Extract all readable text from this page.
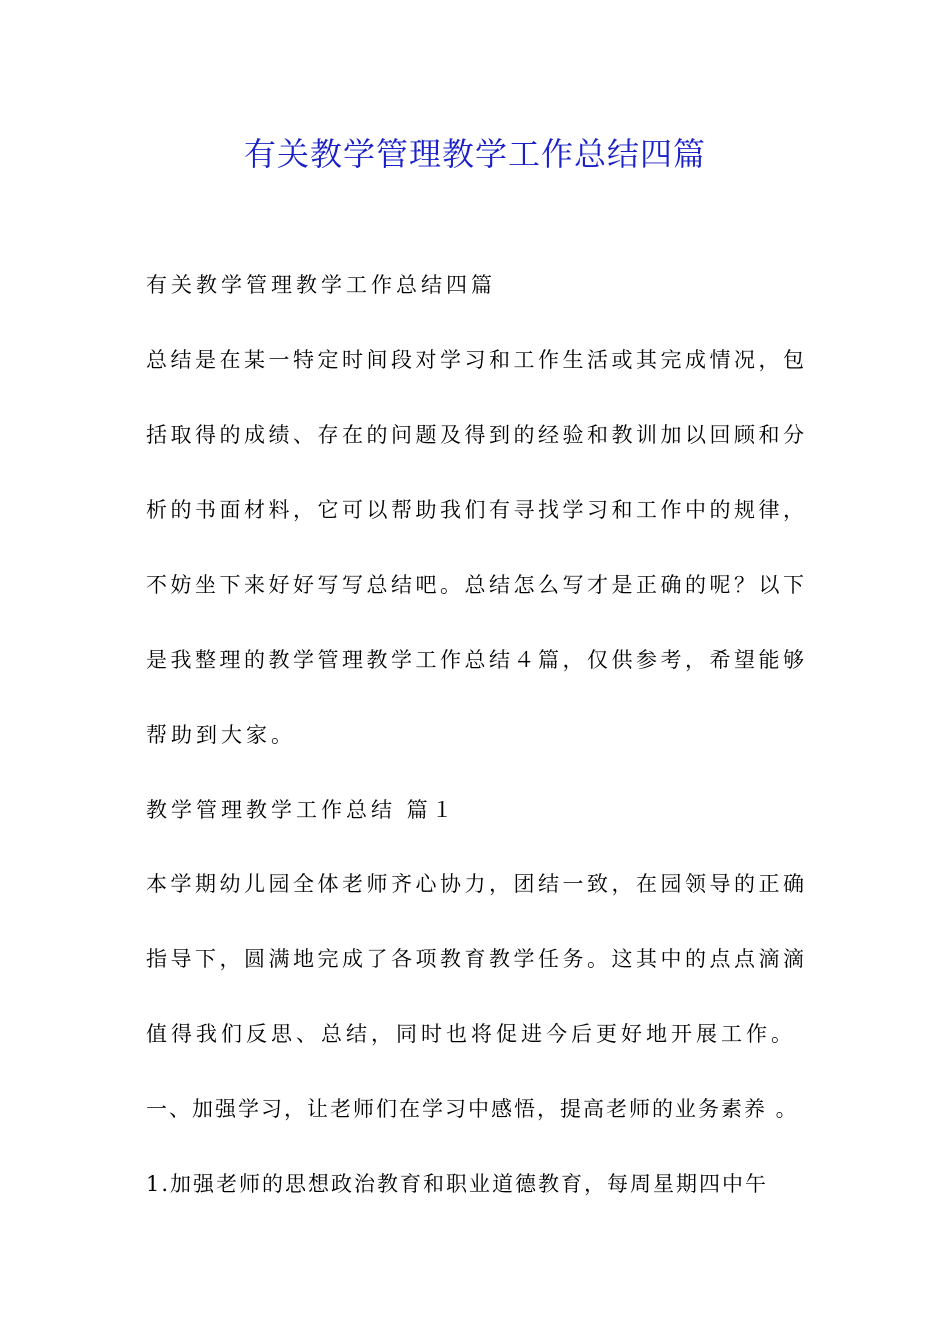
有关教学管理教学工作总结四篇
有关教学管理教学工作总结四篇
总结是在某一特定时间段对学习和工作生活或其完成情况，包
括取得的成绩、存在的问题及得到的经验和教训加以回顾和分
析的书面材料，它可以帮助我们有寻找学习和工作中的规律，
不妨坐下来好好写写总结吧。总结怎么写才是正确的呢？以下
是我整理的教学管理教学工作总结４篇，仅供参考，希望能够
帮助到大家。
教学管理教学工作总结 篇１
本学期幼儿园全体老师齐心协力，团结一致，在园领导的正确
指导下，圆满地完成了各项教育教学任务。这其中的点点滴滴
值得我们反思、总结，同时也将促进今后更好地开展工作。
一、加强学习，让老师们在学习中感悟，提高老师的业务素养 。
1.加强老师的思想政治教育和职业道德教育，每周星期四中午
